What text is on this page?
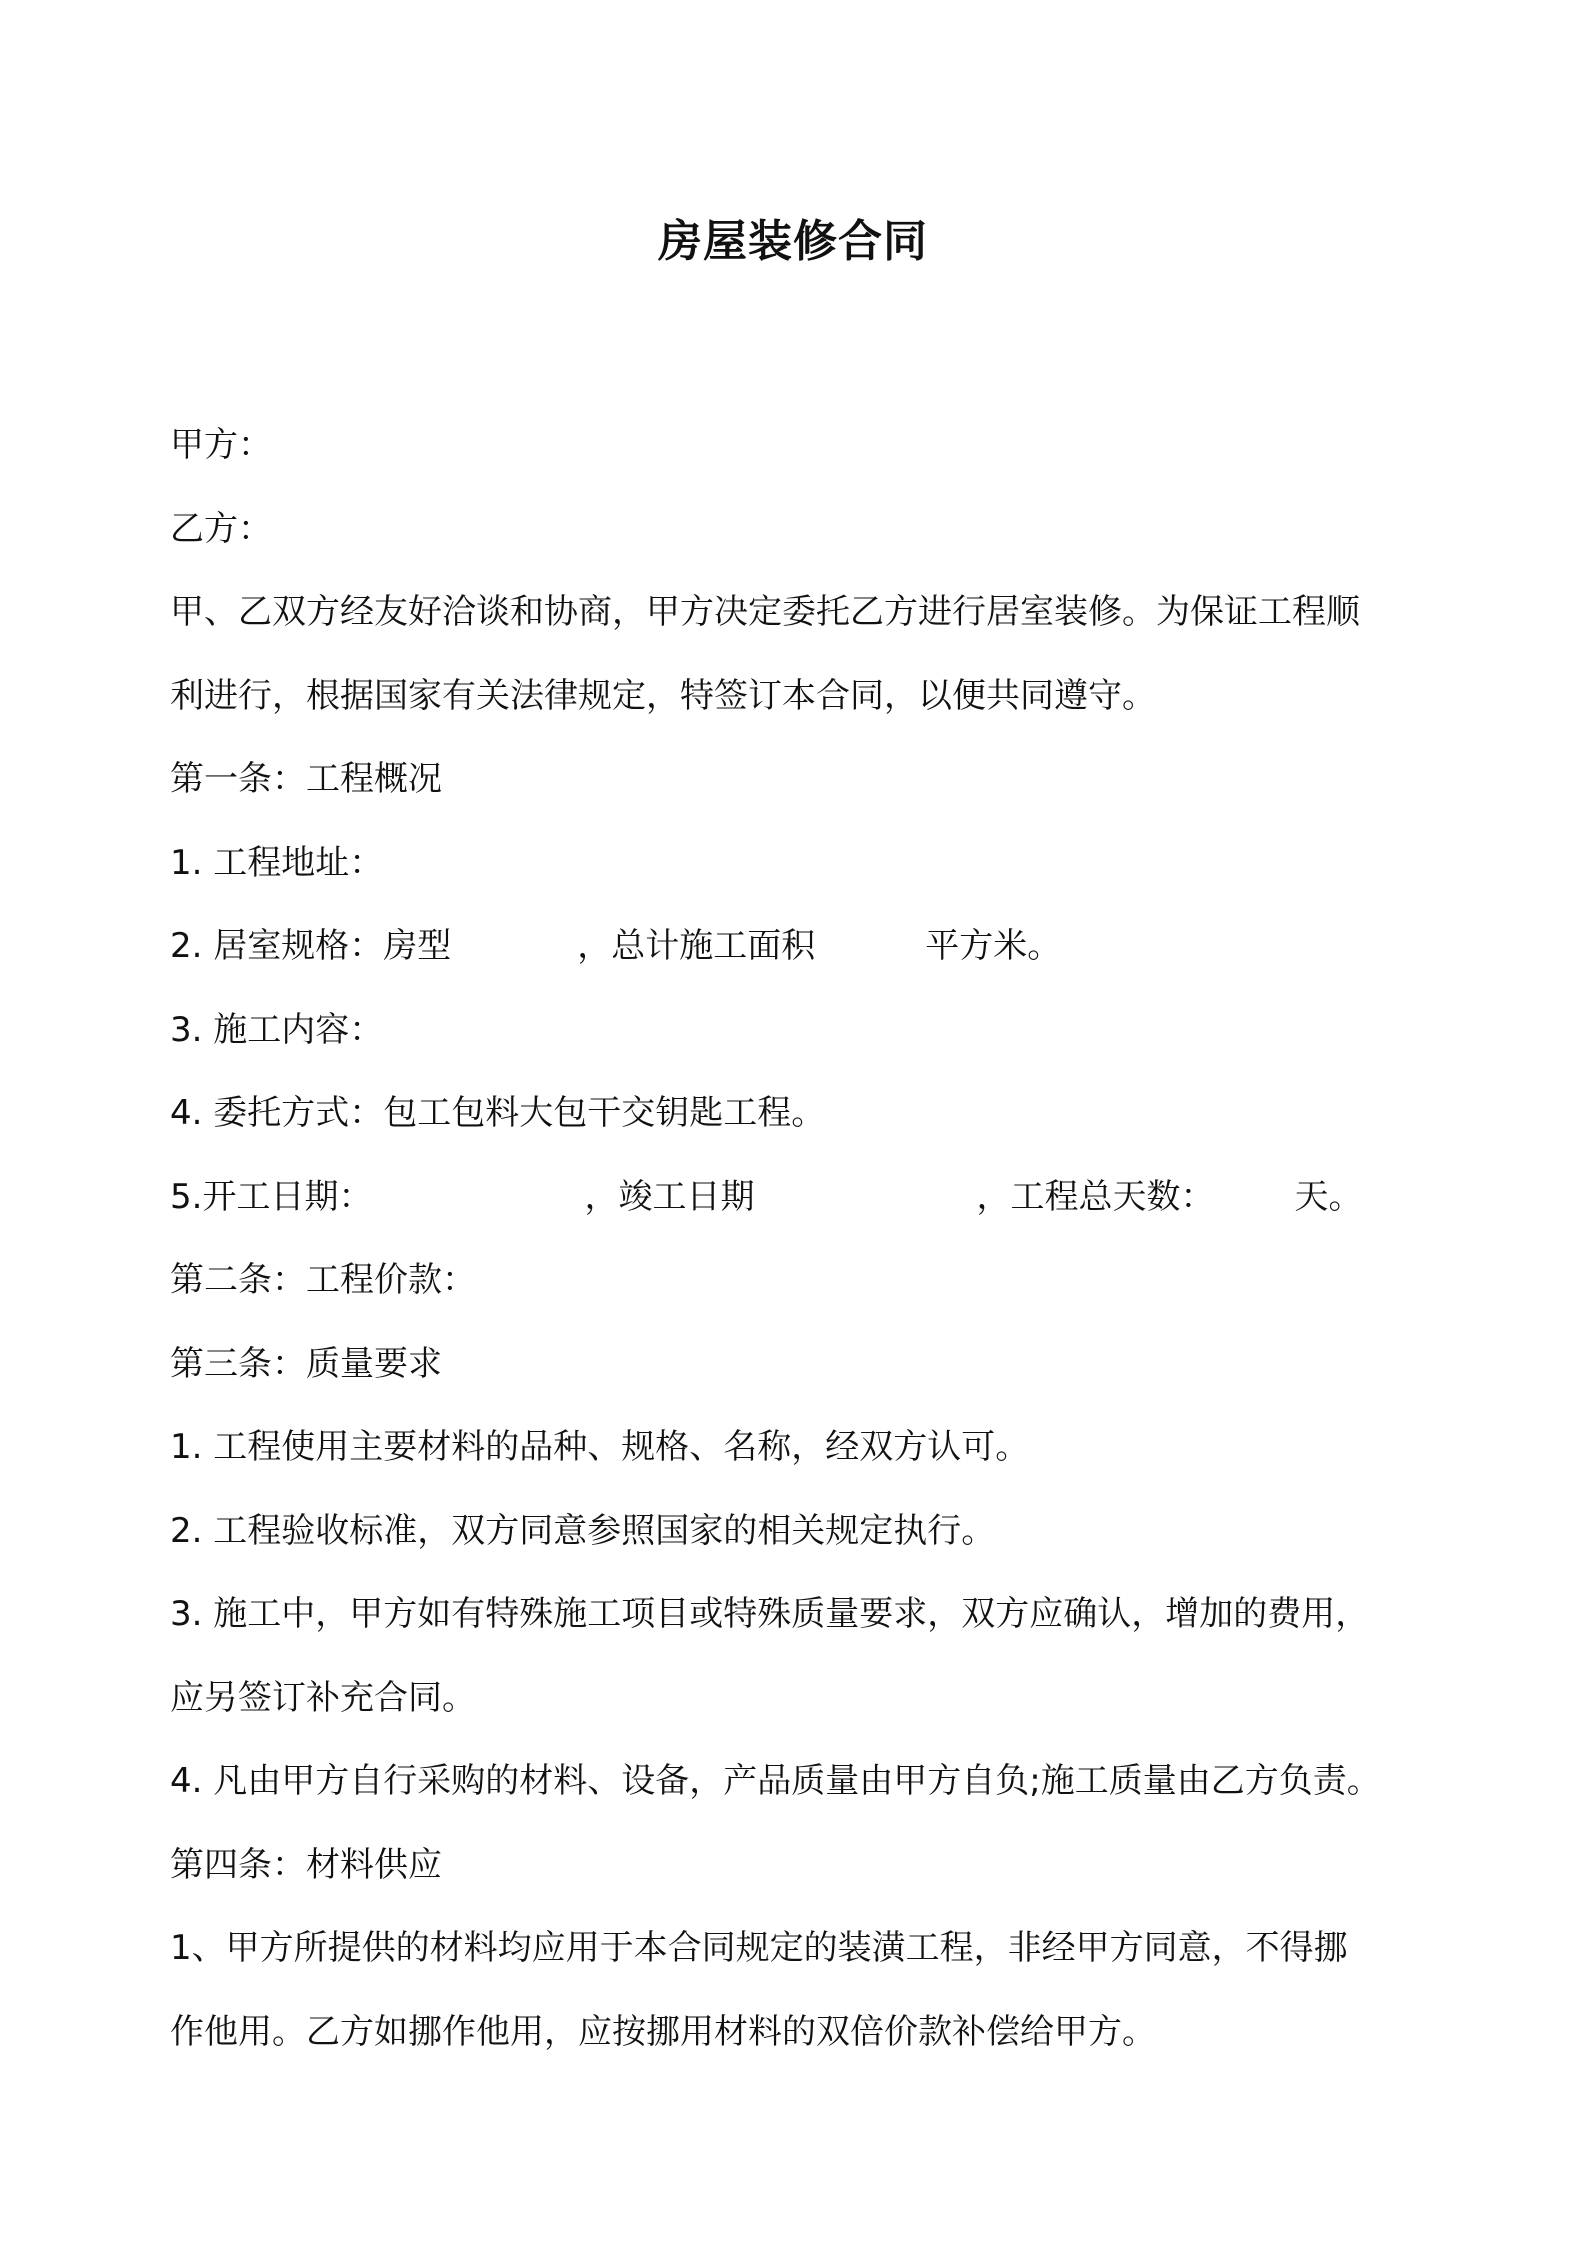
房屋装修合同
甲方：
乙方：
甲、乙双方经友好洽谈和协商，甲方决定委托乙方进行居室装修。为保证工程顺
利进行，根据国家有关法律规定，特签订本合同，以便共同遵守。
第一条：工程概况
1. 工程地址：
2. 居室规格：房型	，总计施工面积	平方米。
3. 施工内容：
4. 委托方式：包工包料大包干交钥匙工程。
5.开工日期：	，竣工日期	，工程总天数： 天。
第二条：工程价款：
第三条：质量要求
1. 工程使用主要材料的品种、规格、名称，经双方认可。
2. 工程验收标准，双方同意参照国家的相关规定执行。
3. 施工中，甲方如有特殊施工项目或特殊质量要求，双方应确认，增加的费用，
应另签订补充合同。
4. 凡由甲方自行采购的材料、设备，产品质量由甲方自负;施工质量由乙方负责。
第四条：材料供应
1、甲方所提供的材料均应用于本合同规定的装潢工程，非经甲方同意，不得挪
作他用。乙方如挪作他用，应按挪用材料的双倍价款补偿给甲方。
